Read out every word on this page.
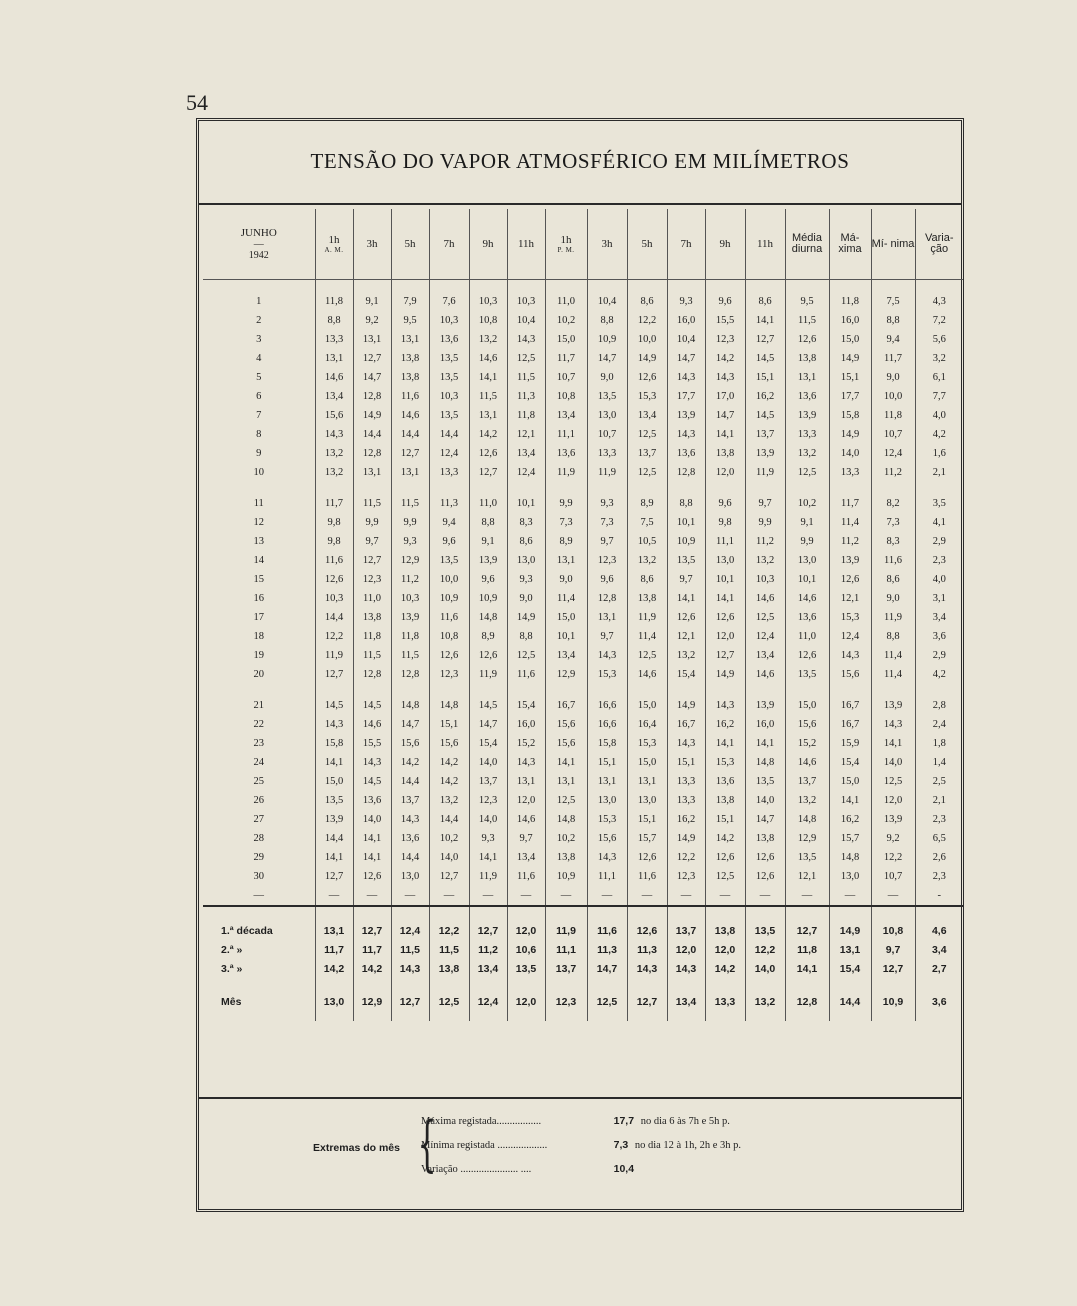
54
TENSÃO DO VAPOR ATMOSFÉRICO EM MILÍMETROS
JUNHO
—
1942	1h
A. M.	3h	5h	7h	9h	11h	1h
P. M.	3h	5h	7h	9h	11h	Média diurna	Má- xima	Mí- nima	Varia- ção
1	11,8	9,1	7,9	7,6	10,3	10,3	11,0	10,4	8,6	9,3	9,6	8,6	9,5	11,8	7,5	4,3
2	8,8	9,2	9,5	10,3	10,8	10,4	10,2	8,8	12,2	16,0	15,5	14,1	11,5	16,0	8,8	7,2
3	13,3	13,1	13,1	13,6	13,2	14,3	15,0	10,9	10,0	10,4	12,3	12,7	12,6	15,0	9,4	5,6
4	13,1	12,7	13,8	13,5	14,6	12,5	11,7	14,7	14,9	14,7	14,2	14,5	13,8	14,9	11,7	3,2
5	14,6	14,7	13,8	13,5	14,1	11,5	10,7	9,0	12,6	14,3	14,3	15,1	13,1	15,1	9,0	6,1
6	13,4	12,8	11,6	10,3	11,5	11,3	10,8	13,5	15,3	17,7	17,0	16,2	13,6	17,7	10,0	7,7
7	15,6	14,9	14,6	13,5	13,1	11,8	13,4	13,0	13,4	13,9	14,7	14,5	13,9	15,8	11,8	4,0
8	14,3	14,4	14,4	14,4	14,2	12,1	11,1	10,7	12,5	14,3	14,1	13,7	13,3	14,9	10,7	4,2
9	13,2	12,8	12,7	12,4	12,6	13,4	13,6	13,3	13,7	13,6	13,8	13,9	13,2	14,0	12,4	1,6
10	13,2	13,1	13,1	13,3	12,7	12,4	11,9	11,9	12,5	12,8	12,0	11,9	12,5	13,3	11,2	2,1
11	11,7	11,5	11,5	11,3	11,0	10,1	9,9	9,3	8,9	8,8	9,6	9,7	10,2	11,7	8,2	3,5
12	9,8	9,9	9,9	9,4	8,8	8,3	7,3	7,3	7,5	10,1	9,8	9,9	9,1	11,4	7,3	4,1
13	9,8	9,7	9,3	9,6	9,1	8,6	8,9	9,7	10,5	10,9	11,1	11,2	9,9	11,2	8,3	2,9
14	11,6	12,7	12,9	13,5	13,9	13,0	13,1	12,3	13,2	13,5	13,0	13,2	13,0	13,9	11,6	2,3
15	12,6	12,3	11,2	10,0	9,6	9,3	9,0	9,6	8,6	9,7	10,1	10,3	10,1	12,6	8,6	4,0
16	10,3	11,0	10,3	10,9	10,9	9,0	11,4	12,8	13,8	14,1	14,1	14,6	14,6	12,1	9,0	3,1
17	14,4	13,8	13,9	11,6	14,8	14,9	15,0	13,1	11,9	12,6	12,6	12,5	13,6	15,3	11,9	3,4
18	12,2	11,8	11,8	10,8	8,9	8,8	10,1	9,7	11,4	12,1	12,0	12,4	11,0	12,4	8,8	3,6
19	11,9	11,5	11,5	12,6	12,6	12,5	13,4	14,3	12,5	13,2	12,7	13,4	12,6	14,3	11,4	2,9
20	12,7	12,8	12,8	12,3	11,9	11,6	12,9	15,3	14,6	15,4	14,9	14,6	13,5	15,6	11,4	4,2
21	14,5	14,5	14,8	14,8	14,5	15,4	16,7	16,6	15,0	14,9	14,3	13,9	15,0	16,7	13,9	2,8
22	14,3	14,6	14,7	15,1	14,7	16,0	15,6	16,6	16,4	16,7	16,2	16,0	15,6	16,7	14,3	2,4
23	15,8	15,5	15,6	15,6	15,4	15,2	15,6	15,8	15,3	14,3	14,1	14,1	15,2	15,9	14,1	1,8
24	14,1	14,3	14,2	14,2	14,0	14,3	14,1	15,1	15,0	15,1	15,3	14,8	14,6	15,4	14,0	1,4
25	15,0	14,5	14,4	14,2	13,7	13,1	13,1	13,1	13,1	13,3	13,6	13,5	13,7	15,0	12,5	2,5
26	13,5	13,6	13,7	13,2	12,3	12,0	12,5	13,0	13,0	13,3	13,8	14,0	13,2	14,1	12,0	2,1
27	13,9	14,0	14,3	14,4	14,0	14,6	14,8	15,3	15,1	16,2	15,1	14,7	14,8	16,2	13,9	2,3
28	14,4	14,1	13,6	10,2	9,3	9,7	10,2	15,6	15,7	14,9	14,2	13,8	12,9	15,7	9,2	6,5
29	14,1	14,1	14,4	14,0	14,1	13,4	13,8	14,3	12,6	12,2	12,6	12,6	13,5	14,8	12,2	2,6
30	12,7	12,6	13,0	12,7	11,9	11,6	10,9	11,1	11,6	12,3	12,5	12,6	12,1	13,0	10,7	2,3
—	—	—	—	—	—	—	—	—	—	—	—	—	—	—	—	-
1.ª década	13,1	12,7	12,4	12,2	12,7	12,0	11,9	11,6	12,6	13,7	13,8	13,5	12,7	14,9	10,8	4,6
2.ª »	11,7	11,7	11,5	11,5	11,2	10,6	11,1	11,3	11,3	12,0	12,0	12,2	11,8	13,1	9,7	3,4
3.ª »	14,2	14,2	14,3	13,8	13,4	13,5	13,7	14,7	14,3	14,3	14,2	14,0	14,1	15,4	12,7	2,7
Mês	13,0	12,9	12,7	12,5	12,4	12,0	12,3	12,5	12,7	13,4	13,3	13,2	12,8	14,4	10,9	3,6
Extremas do mês {
Máxima registada.................	17,7 no dia 6 às 7h e 5h p.
Mínima registada ...................	7,3 no dia 12 à 1h, 2h e 3h p.
Variação ...................... ....	10,4
